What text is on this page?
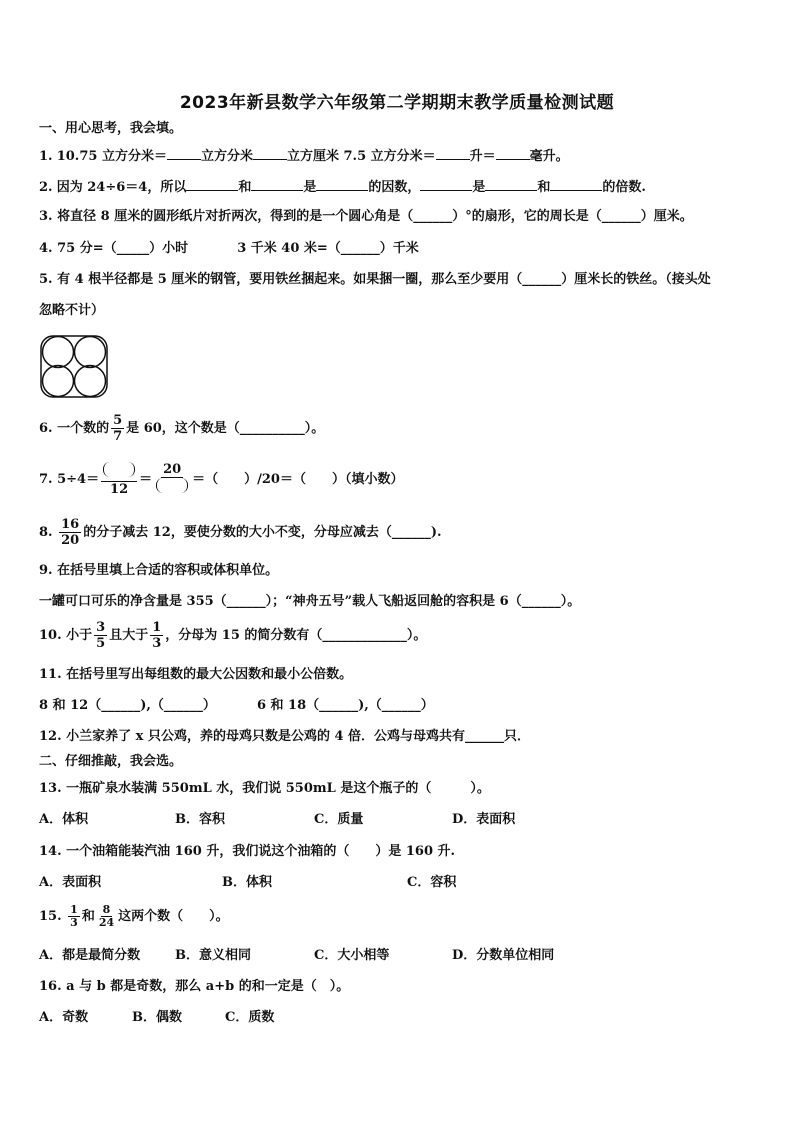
2023年新县数学六年级第二学期期末教学质量检测试题
一、用心思考，我会填。
1. 10.75 立方分米＝	立方分米	立方厘米 7.5 立方分米＝	升＝	毫升。
2. 因为 24÷6＝4，所以	和	是	的因数，	是	和	的倍数.
3. 将直径 8 厘米的圆形纸片对折两次，得到的是一个圆心角是（______）°的扇形，它的周长是（______）厘米。
4. 75 分=（_____）小时	3 千米 40 米=（______）千米
5. 有 4 根半径都是 5 厘米的钢管，要用铁丝捆起来。如果捆一圈，那么至少要用（______）厘米长的铁丝。（接头处
忽略不计）
6. 一个数的 $\frac{5}{7}$ 是 60，这个数是（__________）。
7. 5÷4＝
12
＝
20
＝（　　）/20＝（　　）（填小数）
8. $\frac{16}{20}$ 的分子减去 12，要使分数的大小不变，分母应减去（______).
9. 在括号里填上合适的容积或体积单位。
一罐可口可乐的净含量是 355（______）；“神舟五号”载人飞船返回舱的容积是 6（______）。
10. 小于 $\frac{3}{5}$ 且大于 $\frac{1}{3}$ ，分母为 15 的简分数有（_____________）。
11. 在括号里写出每组数的最大公因数和最小公倍数。
8 和 12（______),（______）	6 和 18（______),（______）
12. 小兰家养了 x 只公鸡，养的母鸡只数是公鸡的 4 倍．公鸡与母鸡共有______只．
二、仔细推敲，我会选。
13. 一瓶矿泉水装满 550mL 水，我们说 550mL 是这个瓶子的（　　　）。
A．体积	B．容积	C．质量	D．表面积
14. 一个油箱能装汽油 160 升，我们说这个油箱的（　　）是 160 升.
A．表面积	B．体积	C．容积
15. $\frac{1}{3}$ 和 $\frac{8}{24}$ 这两个数（　　）。
A．都是最简分数	B．意义相同	C．大小相等	D．分数单位相同
16. a 与 b 都是奇数，那么 a+b 的和一定是（　）。
A．奇数	B．偶数	C．质数
